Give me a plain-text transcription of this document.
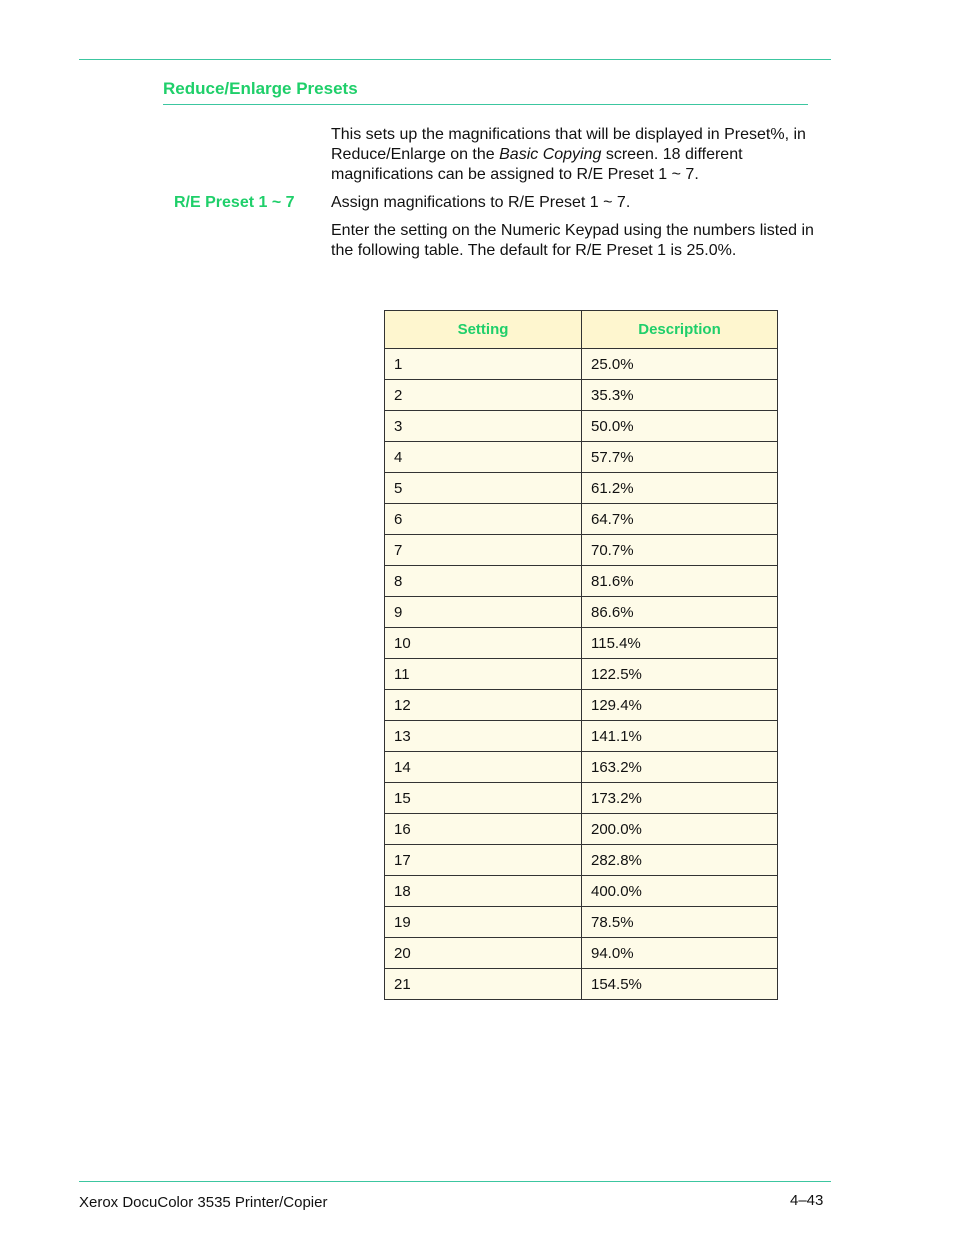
Reduce/Enlarge Presets

This sets up the magnifications that will be displayed in Preset%, in Reduce/Enlarge on the Basic Copying screen. 18 different magnifications can be assigned to R/E Preset 1 ~ 7.

R/E Preset 1 ~ 7 Assign magnifications to R/E Preset 1 ~ 7.

Enter the setting on the Numeric Keypad using the numbers listed in the following table. The default for R/E Preset 1 is 25.0%.

Setting	Description
1	25.0%
2	35.3%
3	50.0%
4	57.7%
5	61.2%
6	64.7%
7	70.7%
8	81.6%
9	86.6%
10	115.4%
11	122.5%
12	129.4%
13	141.1%
14	163.2%
15	173.2%
16	200.0%
17	282.8%
18	400.0%
19	78.5%
20	94.0%
21	154.5%

Xerox DocuColor 3535 Printer/Copier	4–43
